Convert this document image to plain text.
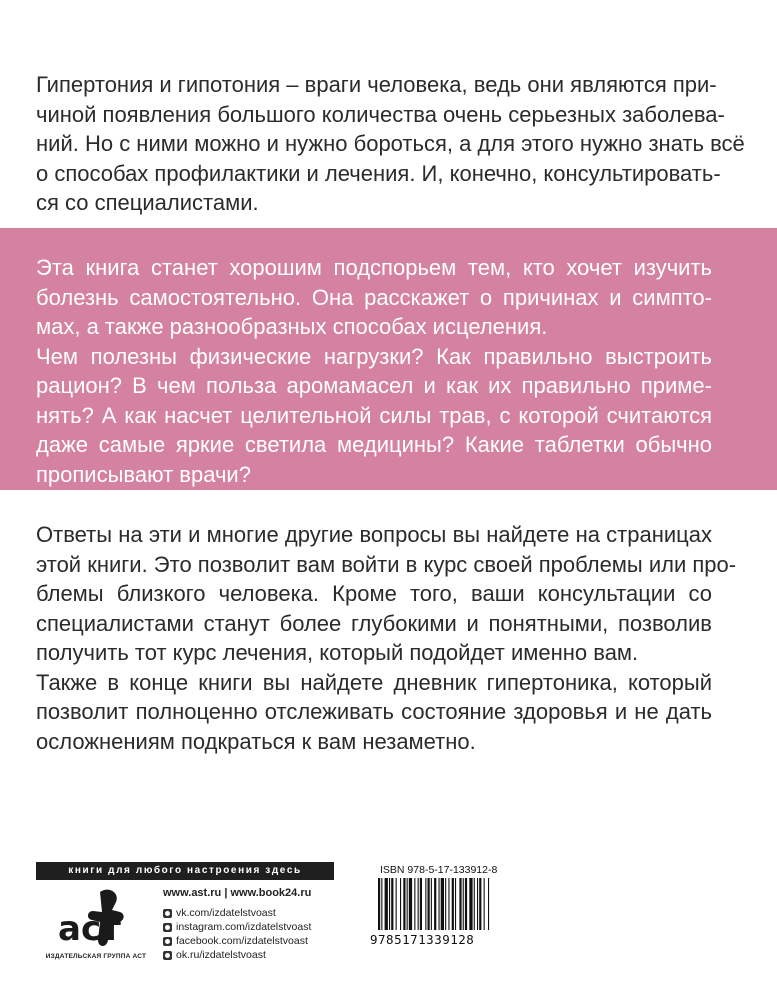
Гипертония и гипотония – враги человека, ведь они являются при-
чиной появления большого количества очень серьезных заболева-
ний. Но с ними можно и нужно бороться, а для этого нужно знать всё
о способах профилактики и лечения. И, конечно, консультировать-
ся со специалистами.

Эта книга станет хорошим подспорьем тем, кто хочет изучить
болезнь самостоятельно. Она расскажет о причинах и симпто-
мах, а также разнообразных способах исцеления.
Чем полезны физические нагрузки? Как правильно выстроить
рацион? В чем польза аромамасел и как их правильно приме-
нять? А как насчет целительной силы трав, с которой считаются
даже самые яркие светила медицины? Какие таблетки обычно
прописывают врачи?

Ответы на эти и многие другие вопросы вы найдете на страницах
этой книги. Это позволит вам войти в курс своей проблемы или про-
блемы близкого человека. Кроме того, ваши консультации со
специалистами станут более глубокими и понятными, позволив
получить тот курс лечения, который подойдет именно вам.
Также в конце книги вы найдете дневник гипертоника, который
позволит полноценно отслеживать состояние здоровья и не дать
осложнениям подкраться к вам незаметно.

книги для любого настроения здесь
аст
ИЗДАТЕЛЬСКАЯ ГРУППА АСТ
www.ast.ru | www.book24.ru
vk.com/izdatelstvoast
instagram.com/izdatelstvoast
facebook.com/izdatelstvoast
ok.ru/izdatelstvoast
ISBN 978-5-17-133912-8
9785171339128
